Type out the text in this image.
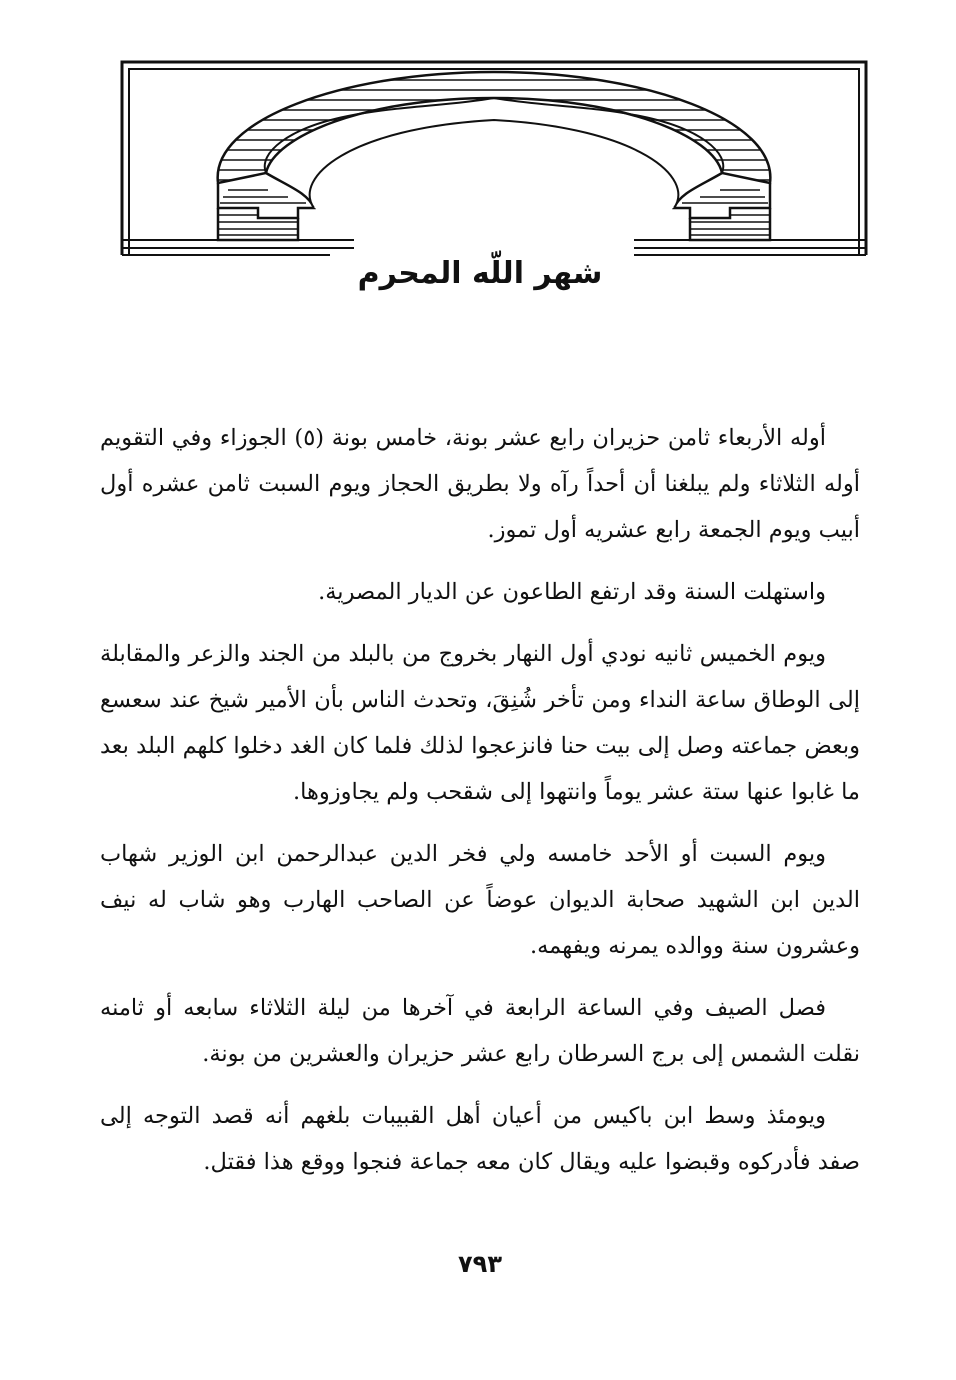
شهر اللّه المحرم

أوله الأربعاء ثامن حزيران رابع عشر بونة، خامس بونة (٥) الجوزاء وفي التقويم أوله الثلاثاء ولم يبلغنا أن أحداً رآه ولا بطريق الحجاز ويوم السبت ثامن عشره أول أبيب ويوم الجمعة رابع عشريه أول تموز.

واستهلت السنة وقد ارتفع الطاعون عن الديار المصرية.

ويوم الخميس ثانيه نودي أول النهار بخروج من بالبلد من الجند والزعر والمقابلة إلى الوطاق ساعة النداء ومن تأخر شُنِقَ، وتحدث الناس بأن الأمير شيخ عند سعسع وبعض جماعته وصل إلى بيت حنا فانزعجوا لذلك فلما كان الغد دخلوا كلهم البلد بعد ما غابوا عنها ستة عشر يوماً وانتهوا إلى شقحب ولم يجاوزوها.

ويوم السبت أو الأحد خامسه ولي فخر الدين عبدالرحمن ابن الوزير شهاب الدين ابن الشهيد صحابة الديوان عوضاً عن الصاحب الهارب وهو شاب له نيف وعشرون سنة ووالده يمرنه ويفهمه.

فصل الصيف وفي الساعة الرابعة في آخرها من ليلة الثلاثاء سابعه أو ثامنه نقلت الشمس إلى برج السرطان رابع عشر حزيران والعشرين من بونة.

ويومئذ وسط ابن باكيس من أعيان أهل القبيبات بلغهم أنه قصد التوجه إلى صفد فأدركوه وقبضوا عليه ويقال كان معه جماعة فنجوا ووقع هذا فقتل.

٧٩٣
